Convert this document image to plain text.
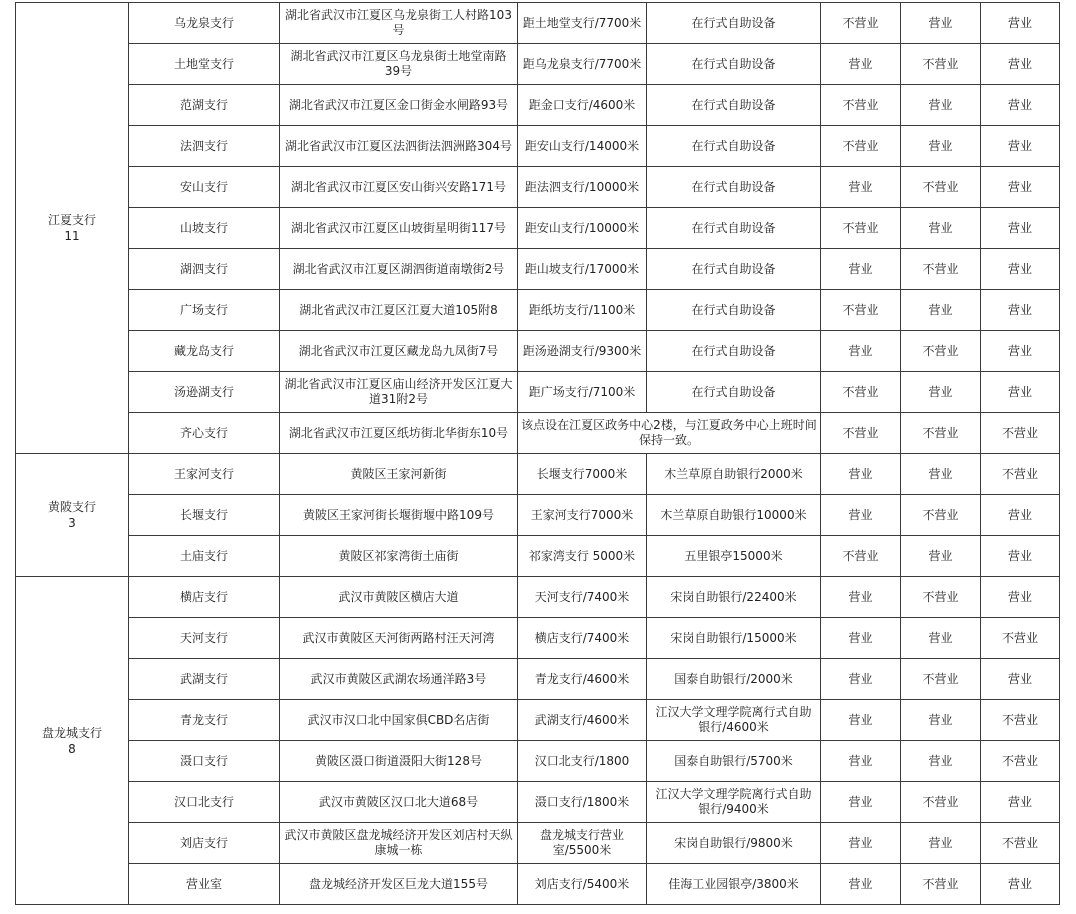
江夏支行
11	乌龙泉支行	湖北省武汉市江夏区乌龙泉街工人村路103号	距土地堂支行/7700米	在行式自助设备	不营业	营业	营业
	土地堂支行	湖北省武汉市江夏区乌龙泉街土地堂南路39号	距乌龙泉支行/7700米	在行式自助设备	营业	不营业	营业
	范湖支行	湖北省武汉市江夏区金口街金水闸路93号	距金口支行/4600米	在行式自助设备	不营业	营业	营业
	法泗支行	湖北省武汉市江夏区法泗街法泗洲路304号	距安山支行/14000米	在行式自助设备	不营业	营业	营业
	安山支行	湖北省武汉市江夏区安山街兴安路171号	距法泗支行/10000米	在行式自助设备	营业	不营业	营业
	山坡支行	湖北省武汉市江夏区山坡街星明街117号	距安山支行/10000米	在行式自助设备	不营业	营业	营业
	湖泗支行	湖北省武汉市江夏区湖泗街道南墩街2号	距山坡支行/17000米	在行式自助设备	营业	不营业	营业
	广场支行	湖北省武汉市江夏区江夏大道105附8	距纸坊支行/1100米	在行式自助设备	不营业	营业	营业
	藏龙岛支行	湖北省武汉市江夏区藏龙岛九凤街7号	距汤逊湖支行/9300米	在行式自助设备	营业	不营业	营业
	汤逊湖支行	湖北省武汉市江夏区庙山经济开发区江夏大道31附2号	距广场支行/7100米	在行式自助设备	不营业	营业	营业
	齐心支行	湖北省武汉市江夏区纸坊街北华街东10号	该点设在江夏区政务中心2楼，与江夏政务中心上班时间保持一致。		不营业	不营业	不营业

黄陂支行
3	王家河支行	黄陂区王家河新街	长堰支行7000米	木兰草原自助银行2000米	营业	营业	不营业
	长堰支行	黄陂区王家河街长堰街堰中路109号	王家河支行7000米	木兰草原自助银行10000米	营业	不营业	营业
	土庙支行	黄陂区祁家湾街土庙街	祁家湾支行 5000米	五里银亭15000米	不营业	营业	营业

盘龙城支行
8	横店支行	武汉市黄陂区横店大道	天河支行/7400米	宋岗自助银行/22400米	营业	不营业	营业
	天河支行	武汉市黄陂区天河街两路村汪天河湾	横店支行/7400米	宋岗自助银行/15000米	营业	营业	不营业
	武湖支行	武汉市黄陂区武湖农场通洋路3号	青龙支行/4600米	国泰自助银行/2000米	营业	不营业	营业
	青龙支行	武汉市汉口北中国家俱CBD名店街	武湖支行/4600米	江汉大学文理学院离行式自助银行/4600米	营业	营业	不营业
	滠口支行	黄陂区滠口街道滠阳大街128号	汉口北支行/1800	国泰自助银行/5700米	营业	营业	不营业
	汉口北支行	武汉市黄陂区汉口北大道68号	滠口支行/1800米	江汉大学文理学院离行式自助银行/9400米	营业	不营业	营业
	刘店支行	武汉市黄陂区盘龙城经济开发区刘店村天纵康城一栋	盘龙城支行营业室/5500米	宋岗自助银行/9800米	营业	营业	不营业
	营业室	盘龙城经济开发区巨龙大道155号	刘店支行/5400米	佳海工业园银亭/3800米	营业	不营业	营业
